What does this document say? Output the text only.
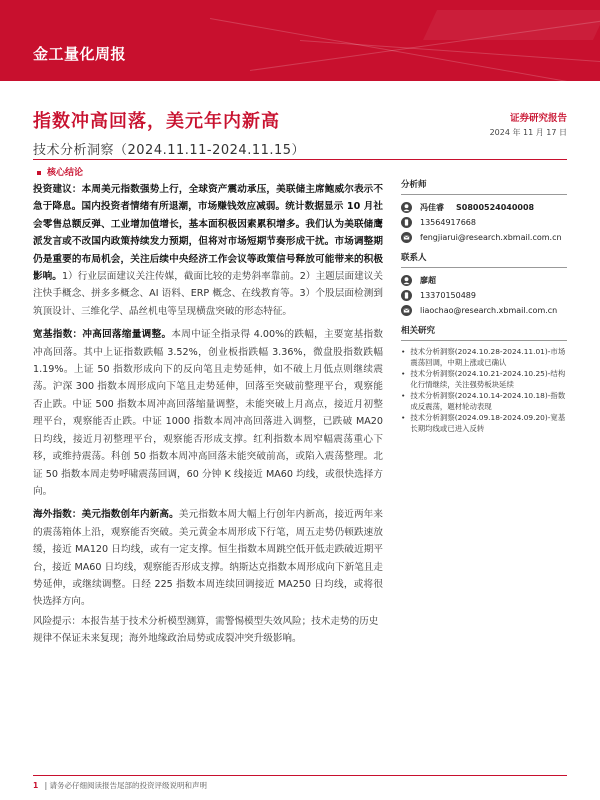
金工量化周报
指数冲高回落，美元年内新高
技术分析洞察（2024.11.11-2024.11.15）
证券研究报告
2024 年 11 月 17 日
核心结论

投资建议：本周美元指数强势上行，全球资产震动承压，美联储主席鲍威尔表示不急于降息。国内投资者情绪有所退潮，市场赚钱效应减弱。统计数据显示 10 月社会零售总额反弹、工业增加值增长，基本面积极因素累积增多。我们认为美联储鹰派发言或不改国内政策持续发力预期，但将对市场短期节奏形成干扰。市场调整期仍是重要的布局机会，关注后续中央经济工作会议等政策信号释放可能带来的积极影响。1）行业层面建议关注传媒，截面比较的走势斜率靠前。2）主题层面建议关注快手概念、拼多多概念、AI 语料、ERP 概念、在线教育等。3）个股层面检测到筑顶设计、三维化学、晶丝机电等呈现横盘突破的形态特征。

宽基指数：冲高回落缩量调整。本周中证全指录得 4.00%的跌幅，主要宽基指数冲高回落。其中上证指数跌幅 3.52%，创业板指跌幅 3.36%，微盘股指数跌幅 1.19%。上证 50 指数形成向下的反向笔且走势延伸，如不破上月低点则继续震荡。沪深 300 指数本周形成向下笔且走势延伸，回落至突破前整理平台，观察能否止跌。中证 500 指数本周冲高回落缩量调整，未能突破上月高点，接近月初整理平台，观察能否止跌。中证 1000 指数本周冲高回落进入调整，已跌破 MA20 日均线，接近月初整理平台，观察能否形成支撑。红利指数本周窄幅震荡重心下移，或维持震荡。科创 50 指数本周冲高回落未能突破前高，或陷入震荡整理。北证 50 指数本周走势呼啸震荡回调，60 分钟 K 线接近 MA60 均线，或很快选择方向。

海外指数：美元指数创年内新高。美元指数本周大幅上行创年内新高，接近两年来的震荡箱体上沿，观察能否突破。美元黄金本周形成下行笔，周五走势仍顿跌速放缓，接近 MA120 日均线，或有一定支撑。恒生指数本周跳空低开低走跌破近期平台，接近 MA60 日均线，观察能否形成支撑。纳斯达克指数本周形成向下新笔且走势延伸，或继续调整。日经 225 指数本周连续回调接近 MA250 日均线，或将很快选择方向。

风险提示：本报告基于技术分析模型测算，需警惕模型失效风险；技术走势的历史规律不保证未来复现；海外地缘政治局势或成裂冲突升级影响。
分析师
冯佳睿 S0800524040008
13564917668
fengjiarui@research.xbmail.com.cn
联系人
廖超
13370150489
liaochao@research.xbmail.com.cn
相关研究
• 技术分析洞察(2024.10.28-2024.11.01)-市场震荡回调，中期上涨或已确认
• 技术分析洞察(2024.10.21-2024.10.25)-结构化行情继续，关注强势板块延续
• 技术分析洞察(2024.10.14-2024.10.18)-指数成反震荡，题材轮动表现
• 技术分析洞察(2024.09.18-2024.09.20)-宽基长期均线或已进入反转
1 | 请务必仔细阅读报告尾部的投资评级说明和声明
